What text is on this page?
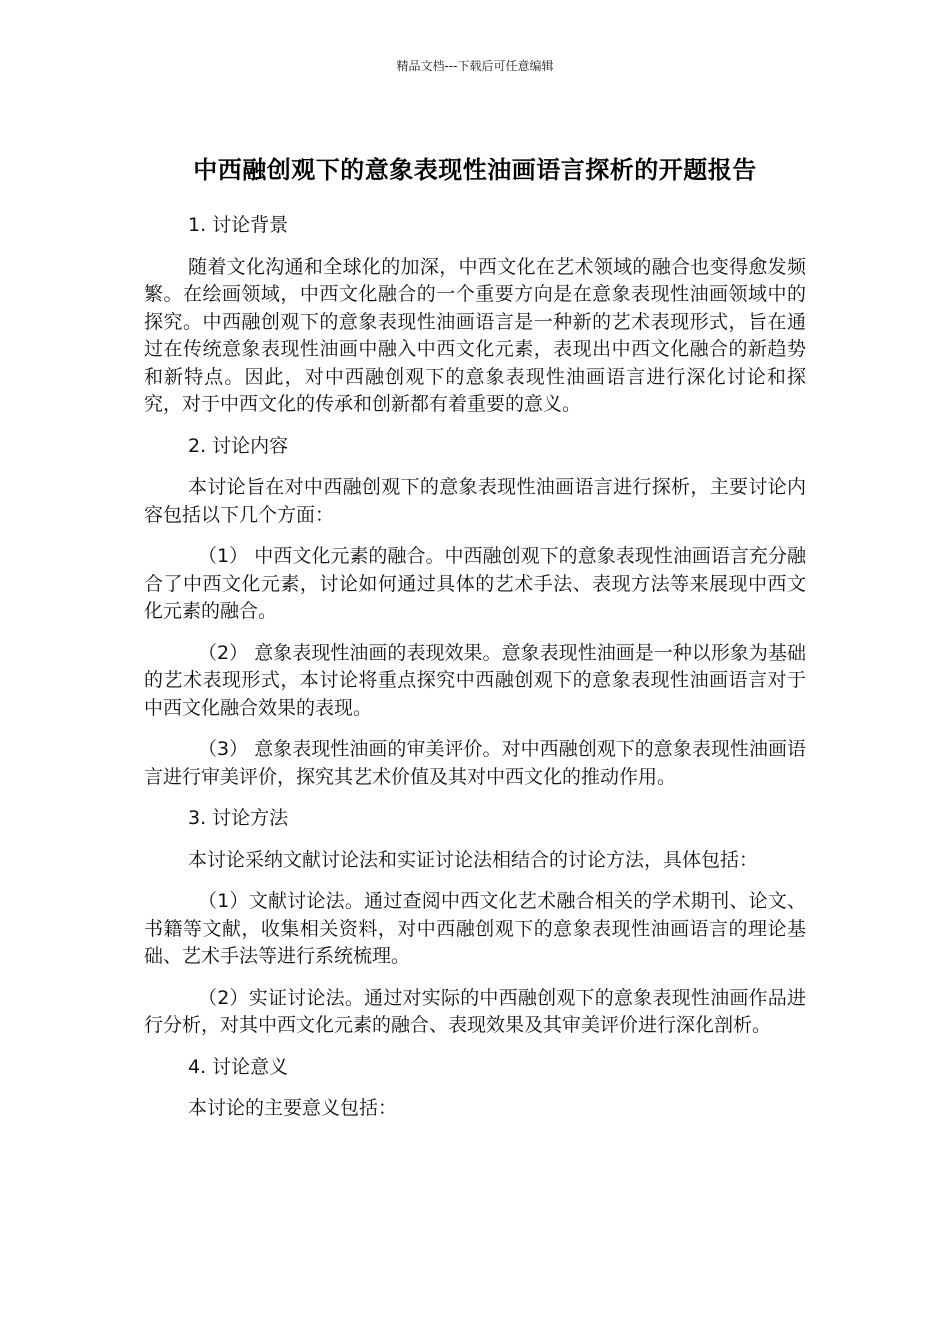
精品文档---下载后可任意编辑
中西融创观下的意象表现性油画语言探析的开题报告

1. 讨论背景

随着文化沟通和全球化的加深，中西文化在艺术领域的融合也变得愈发频繁。在绘画领域，中西文化融合的一个重要方向是在意象表现性油画领域中的探究。中西融创观下的意象表现性油画语言是一种新的艺术表现形式，旨在通过在传统意象表现性油画中融入中西文化元素，表现出中西文化融合的新趋势和新特点。因此，对中西融创观下的意象表现性油画语言进行深化讨论和探究，对于中西文化的传承和创新都有着重要的意义。

2. 讨论内容

本讨论旨在对中西融创观下的意象表现性油画语言进行探析，主要讨论内容包括以下几个方面：

（1） 中西文化元素的融合。中西融创观下的意象表现性油画语言充分融合了中西文化元素，讨论如何通过具体的艺术手法、表现方法等来展现中西文化元素的融合。

（2） 意象表现性油画的表现效果。意象表现性油画是一种以形象为基础的艺术表现形式，本讨论将重点探究中西融创观下的意象表现性油画语言对于中西文化融合效果的表现。

（3） 意象表现性油画的审美评价。对中西融创观下的意象表现性油画语言进行审美评价，探究其艺术价值及其对中西文化的推动作用。

3. 讨论方法

本讨论采纳文献讨论法和实证讨论法相结合的讨论方法，具体包括：

（1）文献讨论法。通过查阅中西文化艺术融合相关的学术期刊、论文、书籍等文献，收集相关资料，对中西融创观下的意象表现性油画语言的理论基础、艺术手法等进行系统梳理。

（2）实证讨论法。通过对实际的中西融创观下的意象表现性油画作品进行分析，对其中西文化元素的融合、表现效果及其审美评价进行深化剖析。

4. 讨论意义

本讨论的主要意义包括：
